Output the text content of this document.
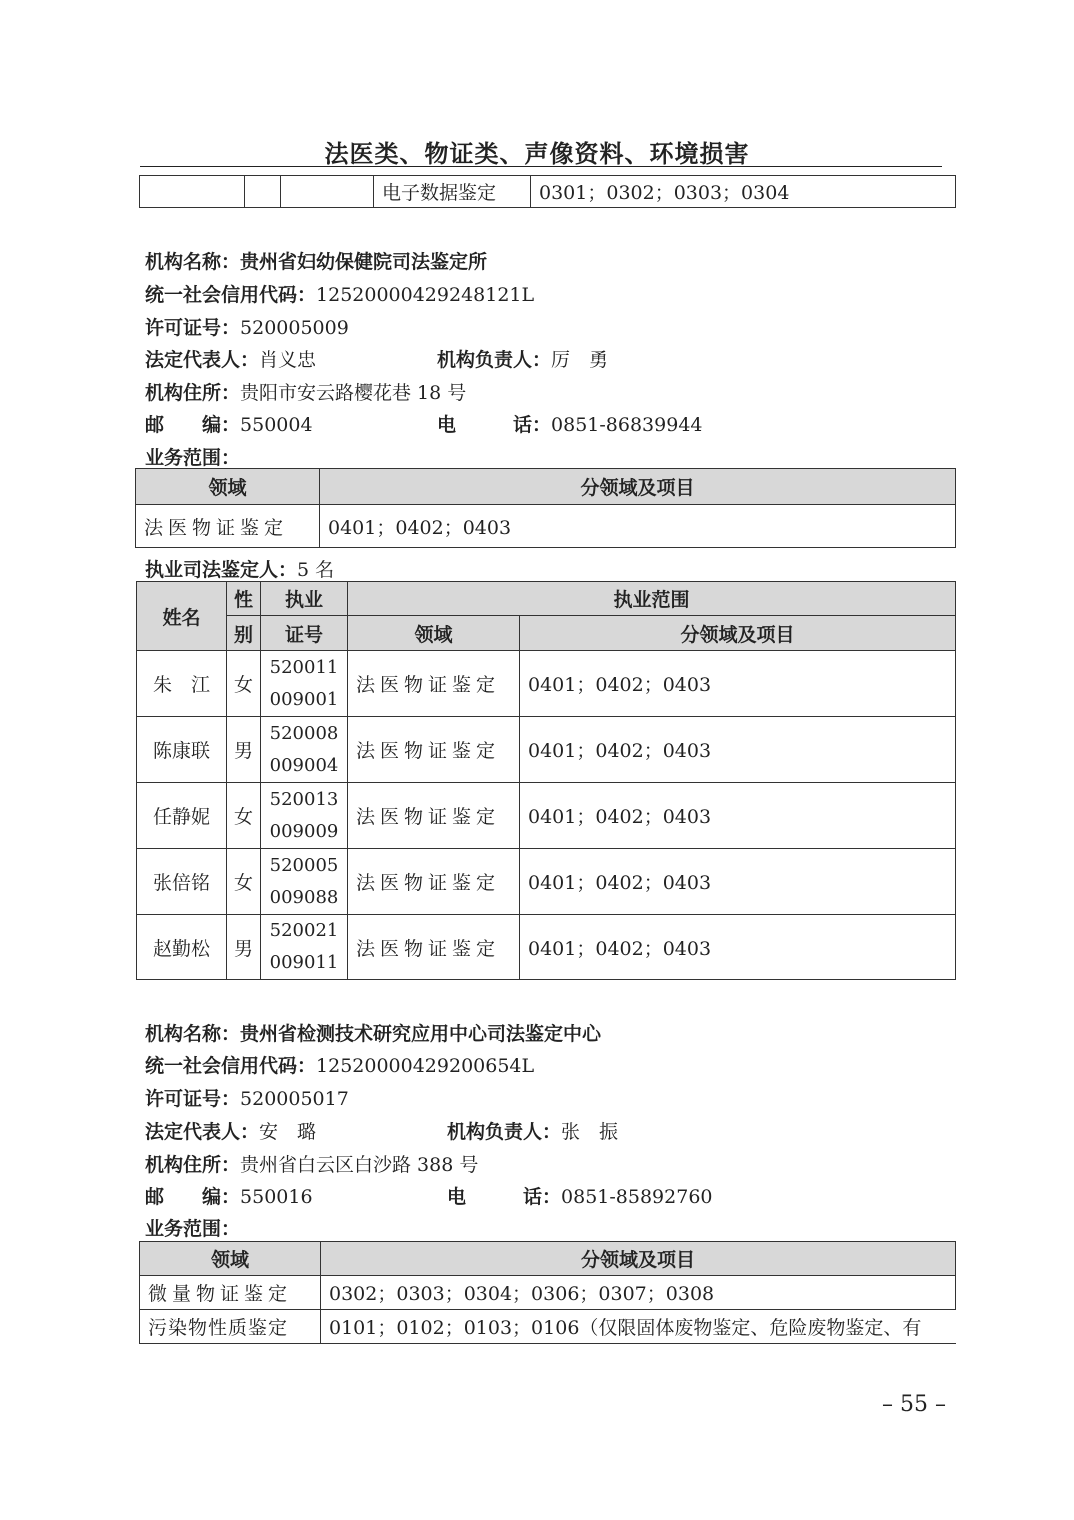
法医类、物证类、声像资料、环境损害
			电子数据鉴定	0301；0302；0303；0304
机构名称：贵州省妇幼保健院司法鉴定所
统一社会信用代码：12520000429248121L
许可证号：520005009
法定代表人：肖义忠	机构负责人：厉　勇
机构住所：贵阳市安云路樱花巷 18 号
邮　　编：550004	电　　　话：0851-86839944
业务范围：
领域	分领域及项目
法医物证鉴定	0401；0402；0403
执业司法鉴定人：5 名
姓名	性	执业	执业范围	
	别	证号	领域	分领域及项目
朱　江	女	520011
009001	法医物证鉴定	0401；0402；0403
陈康联	男	520008
009004	法医物证鉴定	0401；0402；0403
任静妮	女	520013
009009	法医物证鉴定	0401；0402；0403
张倍铭	女	520005
009088	法医物证鉴定	0401；0402；0403
赵勤松	男	520021
009011	法医物证鉴定	0401；0402；0403
机构名称：贵州省检测技术研究应用中心司法鉴定中心
统一社会信用代码：12520000429200654L
许可证号：520005017
法定代表人：安　璐	机构负责人：张　振
机构住所：贵州省白云区白沙路 388 号
邮　　编：550016	电　　　话：0851-85892760
业务范围：
领域	分领域及项目
微量物证鉴定	0302；0303；0304；0306；0307；0308
污染物性质鉴定	0101；0102；0103；0106（仅限固体废物鉴定、危险废物鉴定、有
– 55 –
